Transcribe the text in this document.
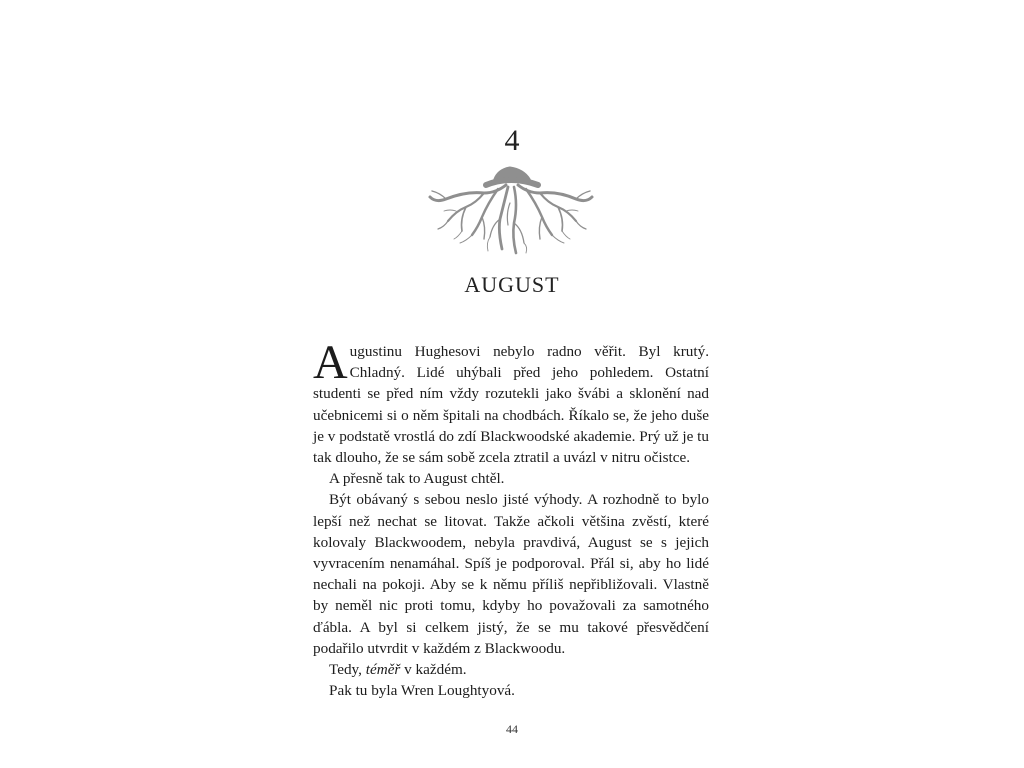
4
AUGUST

Augustinu Hughesovi nebylo radno věřit. Byl krutý. Chladný. Lidé uhýbali před jeho pohledem. Ostatní studenti se před ním vždy rozutekli jako švábi a sklonění nad učebnicemi si o něm špitali na chodbách. Říkalo se, že jeho duše je v podstatě vrostlá do zdí Blackwoodské akademie. Prý už je tu tak dlouho, že se sám sobě zcela ztratil a uvázl v nitru očistce.

A přesně tak to August chtěl.

Být obávaný s sebou neslo jisté výhody. A rozhodně to bylo lepší než nechat se litovat. Takže ačkoli většina zvěstí, které kolovaly Blackwoodem, nebyla pravdivá, August se s jejich vyvracením nenamáhal. Spíš je podporoval. Přál si, aby ho lidé nechali na pokoji. Aby se k němu příliš nepřibližovali. Vlastně by neměl nic proti tomu, kdyby ho považovali za samotného ďábla. A byl si celkem jistý, že se mu takové přesvědčení podařilo utvrdit v každém z Blackwoodu.

Tedy, téměř v každém.

Pak tu byla Wren Loughtyová.

44
